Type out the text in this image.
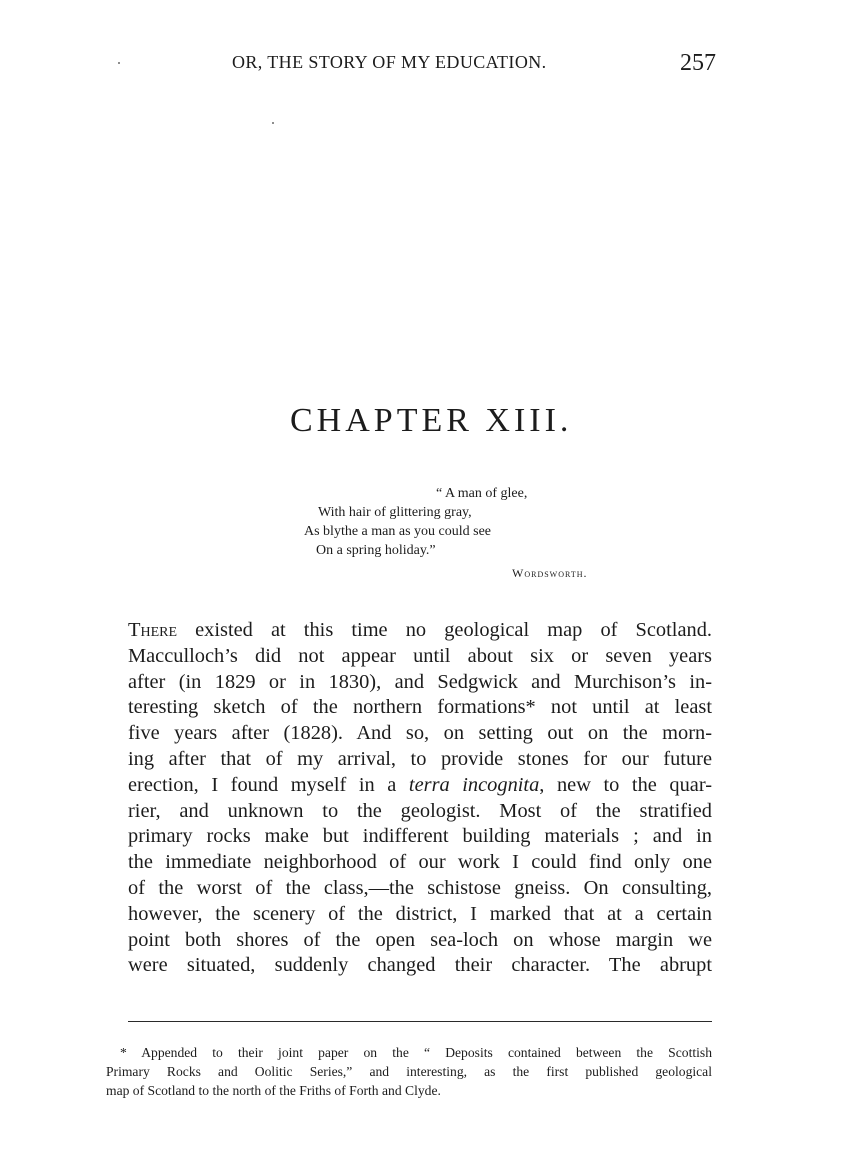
OR, THE STORY OF MY EDUCATION.	257
CHAPTER XIII.
“ A man of glee,
With hair of glittering gray,
As blythe a man as you could see
On a spring holiday.”
Wordsworth.
There existed at this time no geological map of Scotland.
Macculloch’s did not appear until about six or seven years
after (in 1829 or in 1830), and Sedgwick and Murchison’s in-
teresting sketch of the northern formations* not until at least
five years after (1828). And so, on setting out on the morn-
ing after that of my arrival, to provide stones for our future
erection, I found myself in a terra incognita, new to the quar-
rier, and unknown to the geologist. Most of the stratified
primary rocks make but indifferent building materials ; and in
the immediate neighborhood of our work I could find only one
of the worst of the class,—the schistose gneiss. On consulting,
however, the scenery of the district, I marked that at a certain
point both shores of the open sea-loch on whose margin we
were situated, suddenly changed their character. The abrupt
* Appended to their joint paper on the “ Deposits contained between the Scottish
Primary Rocks and Oolitic Series,” and interesting, as the first published geological
map of Scotland to the north of the Friths of Forth and Clyde.
